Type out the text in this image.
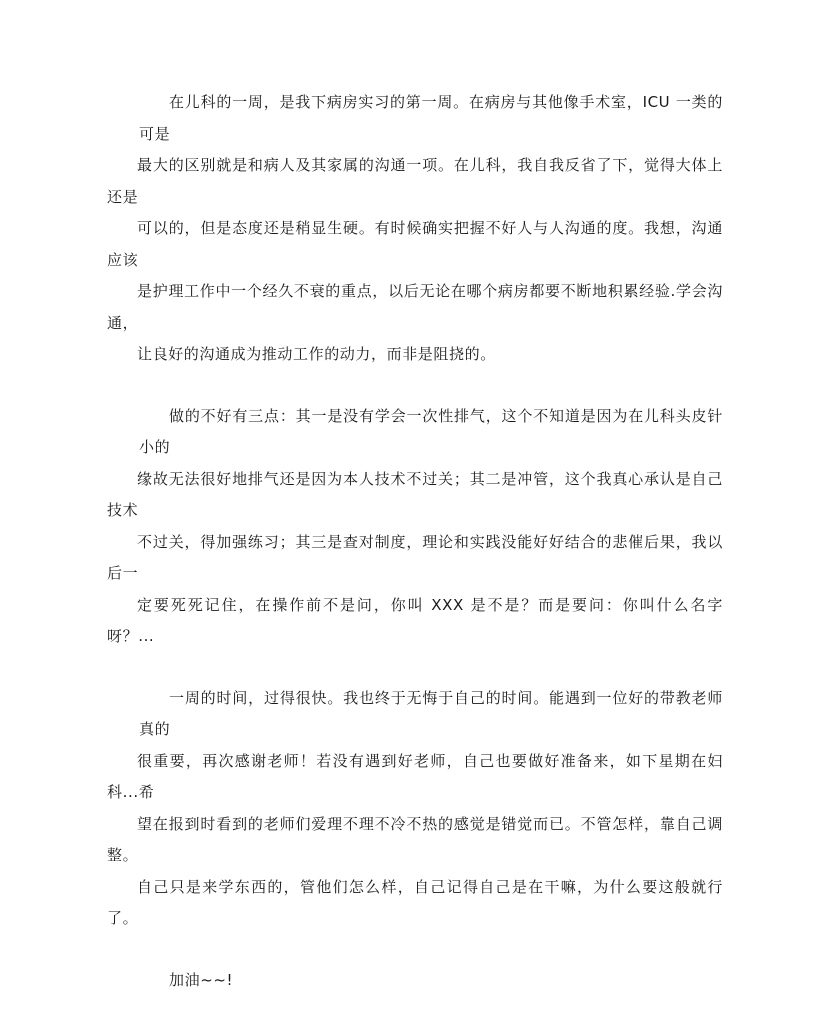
在儿科的一周，是我下病房实习的第一周。在病房与其他像手术室，ICU 一类的可是
最大的区别就是和病人及其家属的沟通一项。在儿科，我自我反省了下，觉得大体上还是
可以的，但是态度还是稍显生硬。有时候确实把握不好人与人沟通的度。我想，沟通应该
是护理工作中一个经久不衰的重点，以后无论在哪个病房都要不断地积累经验.学会沟通，
让良好的沟通成为推动工作的动力，而非是阻挠的。

做的不好有三点：其一是没有学会一次性排气，这个不知道是因为在儿科头皮针小的
缘故无法很好地排气还是因为本人技术不过关；其二是冲管，这个我真心承认是自己技术
不过关，得加强练习；其三是查对制度，理论和实践没能好好结合的悲催后果，我以后一
定要死死记住，在操作前不是问，你叫 XXX 是不是？而是要问：你叫什么名字呀？...

一周的时间，过得很快。我也终于无悔于自己的时间。能遇到一位好的带教老师真的
很重要，再次感谢老师！若没有遇到好老师，自己也要做好准备来，如下星期在妇科...希
望在报到时看到的老师们爱理不理不冷不热的感觉是错觉而已。不管怎样，靠自己调整。
自己只是来学东西的，管他们怎么样，自己记得自己是在干嘛，为什么要这般就行了。

加油~~!
